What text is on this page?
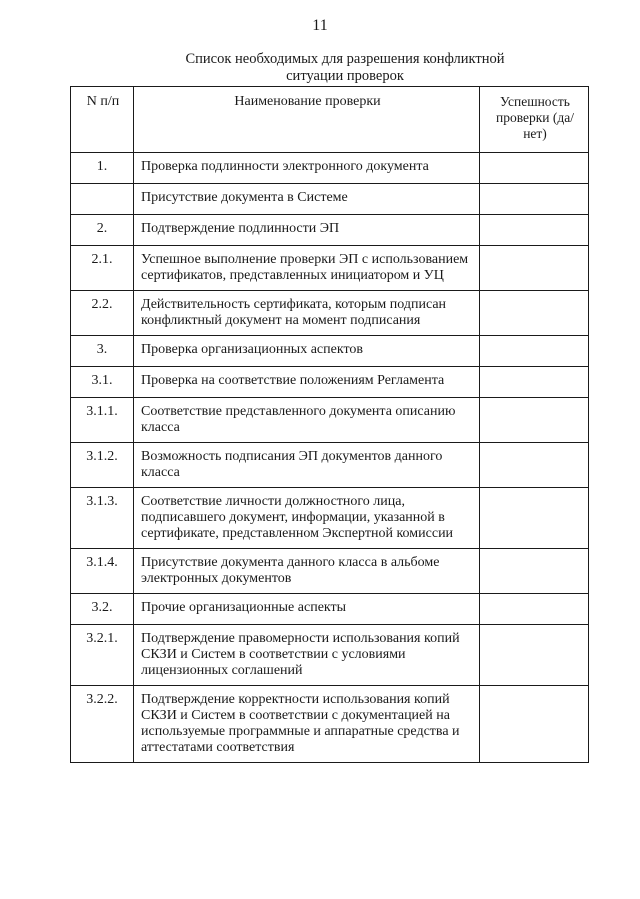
11
Список необходимых для разрешения конфликтной
ситуации проверок
N п/п	Наименование проверки	Успешность проверки (да/нет)
1.	Проверка подлинности электронного документа	
	Присутствие документа в Системе	
2.	Подтверждение подлинности ЭП	
2.1.	Успешное выполнение проверки ЭП с использованием сертификатов, представленных инициатором и УЦ	
2.2.	Действительность сертификата, которым подписан конфликтный документ на момент подписания	
3.	Проверка организационных аспектов	
3.1.	Проверка на соответствие положениям Регламента	
3.1.1.	Соответствие представленного документа описанию класса	
3.1.2.	Возможность подписания ЭП документов данного класса	
3.1.3.	Соответствие личности должностного лица, подписавшего документ, информации, указанной в сертификате, представленном Экспертной комиссии	
3.1.4.	Присутствие документа данного класса в альбоме электронных документов	
3.2.	Прочие организационные аспекты	
3.2.1.	Подтверждение правомерности использования копий СКЗИ и Систем в соответствии с условиями лицензионных соглашений	
3.2.2.	Подтверждение корректности использования копий СКЗИ и Систем в соответствии с документацией на используемые программные и аппаратные средства и аттестатами соответствия	
